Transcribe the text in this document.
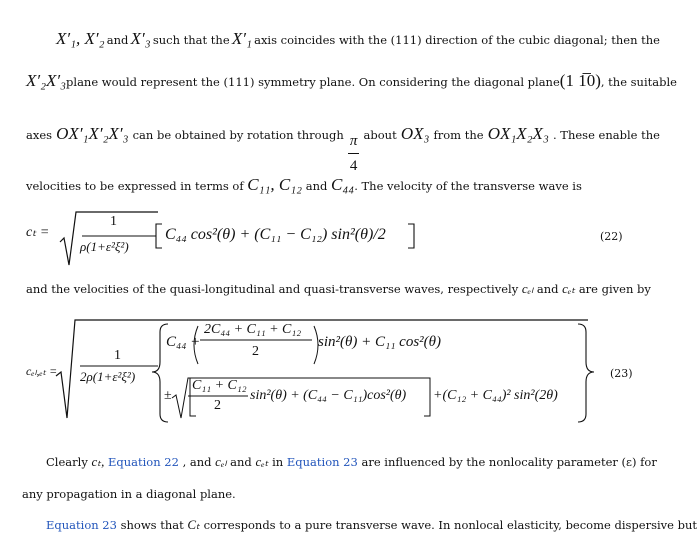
X′₁, X′₂ and X′₃ such that the X′₁ axis coincides with the (111) direction of the cubic diagonal; then the
X′₂X′₃ plane would represent the (111) symmetry plane. On considering the diagonal plane (1 1̅0) , the suitable
axes OX′₁X′₂X′₃ can be obtained by rotation through $\frac{\pi}{4}$ about OX₃ from the OX₁X₂X₃ . These enable the
velocities to be expressed in terms of C₁₁, C₁₂ and C₄₄. The velocity of the transverse wave is
cₜ =
1
ρ(1+ε²ξ²)
C₄₄ cos²(θ) + (C₁₁ − C₁₂) sin²(θ)/2	(22)
and the velocities of the quasi-longitudinal and quasi-transverse waves, respectively cₑₗ and cₑₜ are given by
cₑₗ,ₑₜ =
1
2ρ(1+ε²ξ²)
C₄₄ +
2C₄₄ + C₁₁ + C₁₂
2
sin²(θ) + C₁₁ cos²(θ)
±
C₁₁ + C₁₂
2
sin²(θ) + (C₄₄ − C₁₁)cos²(θ) +(C₁₂ + C₄₄)² sin²(2θ)
(23)
Clearly cₜ, Equation 22 , and cₑₗ and cₑₜ in Equation 23 are influenced by the nonlocality parameter (ε) for
any propagation in a diagonal plane.
Equation 23 shows that Cₜ corresponds to a pure transverse wave. In nonlocal elasticity, become dispersive but
